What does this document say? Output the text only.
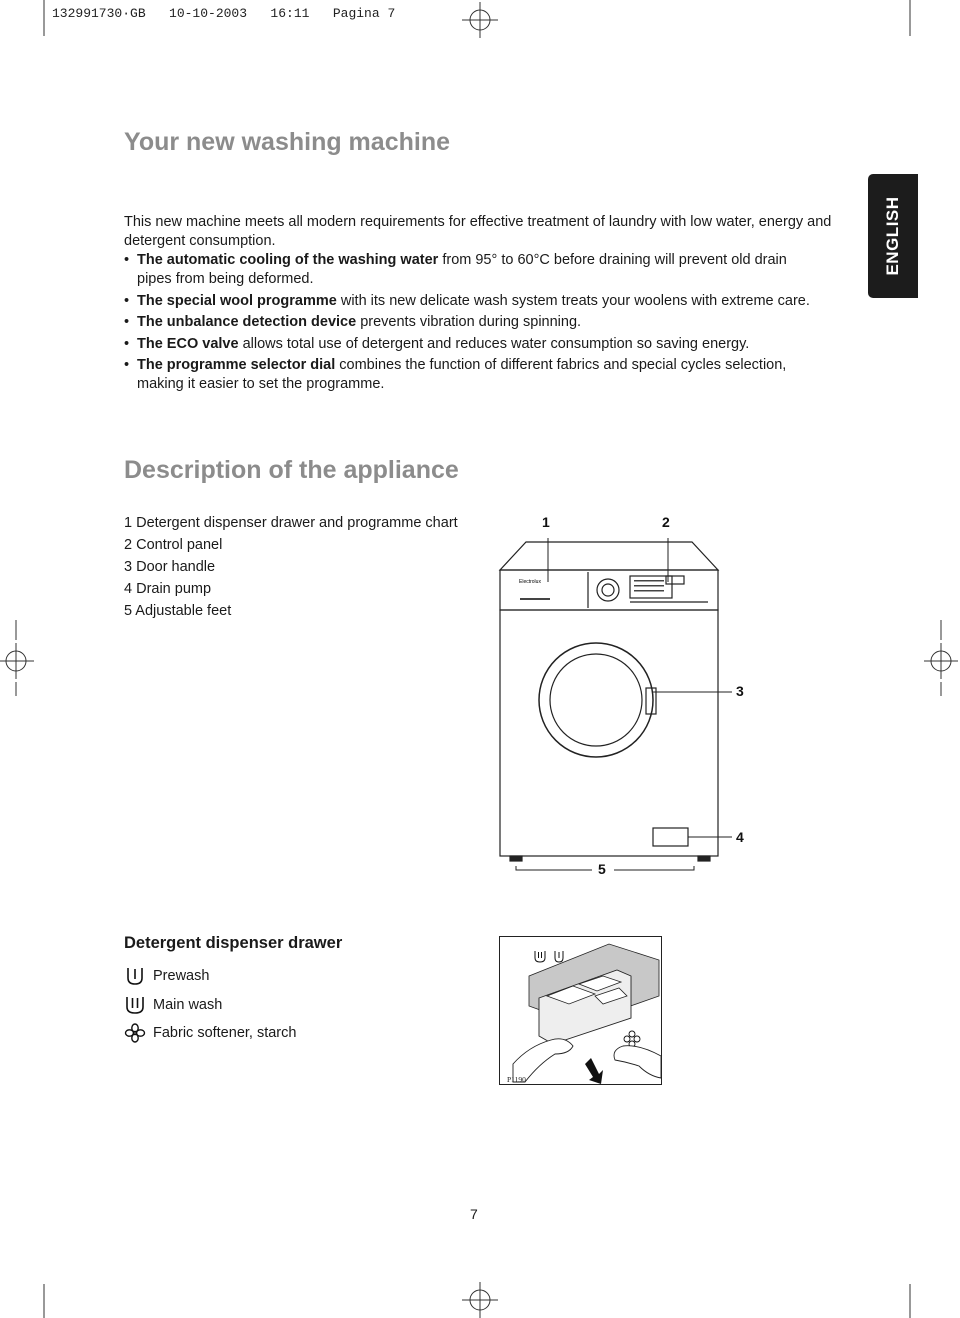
132991730·GB   10-10-2003   16:11   Pagina 7
ENGLISH
Your new washing machine
This new machine meets all modern requirements for effective treatment of laundry with low water, energy and detergent consumption.
• The automatic cooling of the washing water from 95° to 60°C before draining will prevent old drain pipes from being deformed.
• The special wool programme with its new delicate wash system treats your woolens with extreme care.
• The unbalance detection device prevents vibration during spinning.
• The ECO valve allows total use of detergent and reduces water consumption so saving energy.
• The programme selector dial combines the function of different fabrics and special cycles selection, making it easier to set the programme.
Description of the appliance
1 Detergent dispenser drawer and programme chart
2 Control panel
3 Door handle
4 Drain pump
5 Adjustable feet
Electrolux
1	2
3
4
5
Detergent dispenser drawer
Prewash
Main wash
Fabric softener, starch
P1190
7
